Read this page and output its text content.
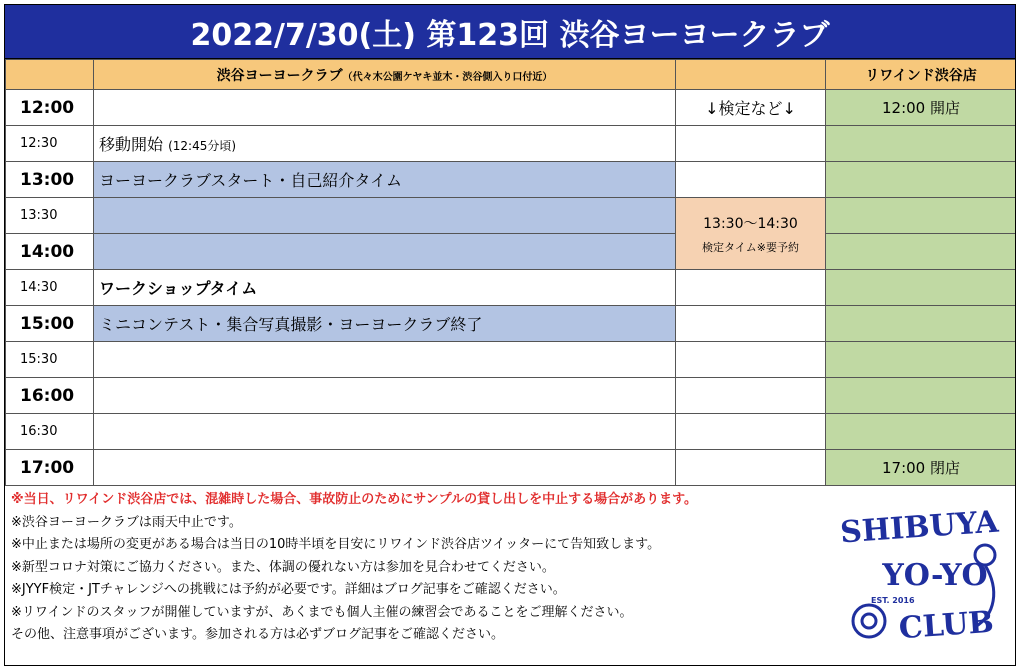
2022/7/30(土) 第123回 渋谷ヨーヨークラブ
	渋谷ヨーヨークラブ（代々木公園ケヤキ並木・渋谷側入り口付近）		リワインド渋谷店
12:00		↓検定など↓	12:00 開店
12:30	移動開始 (12:45分頃)		
13:00	ヨーヨークラブスタート・自己紹介タイム		
13:30		13:30〜14:30
検定タイム※要予約	

14:00			
14:30	ワークショップタイム		
15:00	ミニコンテスト・集合写真撮影・ヨーヨークラブ終了		
15:30			
16:00			
16:30			
17:00			17:00 閉店
※当日、リワインド渋谷店では、混雑時した場合、事故防止のためにサンプルの貸し出しを中止する場合があります。
※渋谷ヨーヨークラブは雨天中止です。
※中止または場所の変更がある場合は当日の10時半頃を目安にリワインド渋谷店ツイッターにて告知致します。
※新型コロナ対策にご協力ください。また、体調の優れない方は参加を見合わせてください。
※JYYF検定・JTチャレンジへの挑戦には予約が必要です。詳細はブログ記事をご確認ください。
※リワインドのスタッフが開催していますが、あくまでも個人主催の練習会であることをご理解ください。
その他、注意事項がございます。参加される方は必ずブログ記事をご確認ください。
SHIBUYA
YO-YO
CLUB
EST. 2016
